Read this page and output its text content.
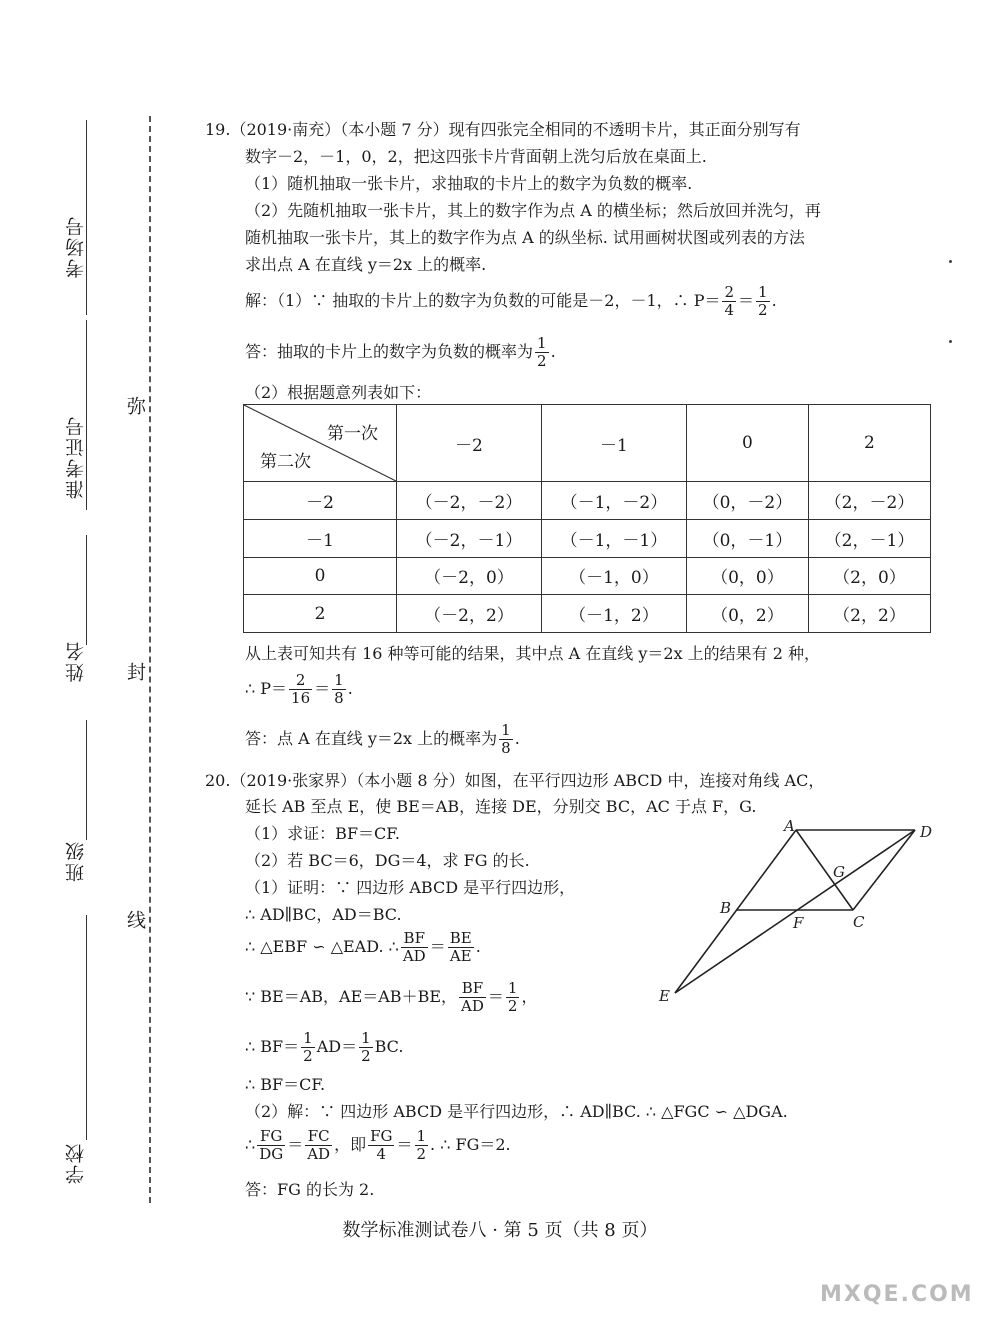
考场号
准考证号
姓名
班级
学校
弥
封
线
19.（2019·南充）（本小题 7 分）现有四张完全相同的不透明卡片，其正面分别写有
数字－2，－1，0，2，把这四张卡片背面朝上洗匀后放在桌面上.
（1）随机抽取一张卡片，求抽取的卡片上的数字为负数的概率.
（2）先随机抽取一张卡片，其上的数字作为点 A 的横坐标；然后放回并洗匀，再
随机抽取一张卡片，其上的数字作为点 A 的纵坐标. 试用画树状图或列表的方法
求出点 A 在直线 y＝2x 上的概率.
解：（1）∵ 抽取的卡片上的数字为负数的可能是－2，－1，∴ $P= \frac{2}{4} = \frac{1}{2}$ .
答：抽取的卡片上的数字为负数的概率为 $\frac{1}{2}$ .
（2）根据题意列表如下：
第一次
第二次	－2	－1	0	2
－2	（－2，－2）	（－1，－2）	（0，－2）	（2，－2）
－1	（－2，－1）	（－1，－1）	（0，－1）	（2，－1）
0	（－2，0）	（－1，0）	（0，0）	（2，0）
2	（－2，2）	（－1，2）	（0，2）	（2，2）
从上表可知共有 16 种等可能的结果，其中点 A 在直线 y＝2x 上的结果有 2 种，
∴ $P= \frac{2}{16} = \frac{1}{8}$ .
答：点 A 在直线 y＝2x 上的概率为 $\frac{1}{8}$ .
20.（2019·张家界）（本小题 8 分）如图，在平行四边形 ABCD 中，连接对角线 AC，
延长 AB 至点 E，使 BE＝AB，连接 DE，分别交 BC，AC 于点 F，G.
（1）求证：BF＝CF.
（2）若 BC＝6，DG＝4，求 FG 的长.
（1）证明：∵ 四边形 ABCD 是平行四边形，
∴ AD∥BC，AD＝BC.
∴ △EBF ∽ △EAD. ∴ $\frac{BF}{AD} = \frac{BE}{AE}$ .
∵ BE＝AB，AE＝AB＋BE， $\frac{BF}{AD} = \frac{1}{2}$ ，
∴ $BF= \frac{1}{2} AD= \frac{1}{2}$ BC.
∴ BF＝CF.
（2）解：∵ 四边形 ABCD 是平行四边形，∴ AD∥BC. ∴ △FGC ∽ △DGA.
∴ $\frac{FG}{DG} = \frac{FC}{AD}$ ，即 $\frac{FG}{4} = \frac{1}{2}$ . ∴ FG＝2.
答：FG 的长为 2.
A	D
B
C
F
G
E
数学标准测试卷八 · 第 5 页（共 8 页）
MXQE.COM
